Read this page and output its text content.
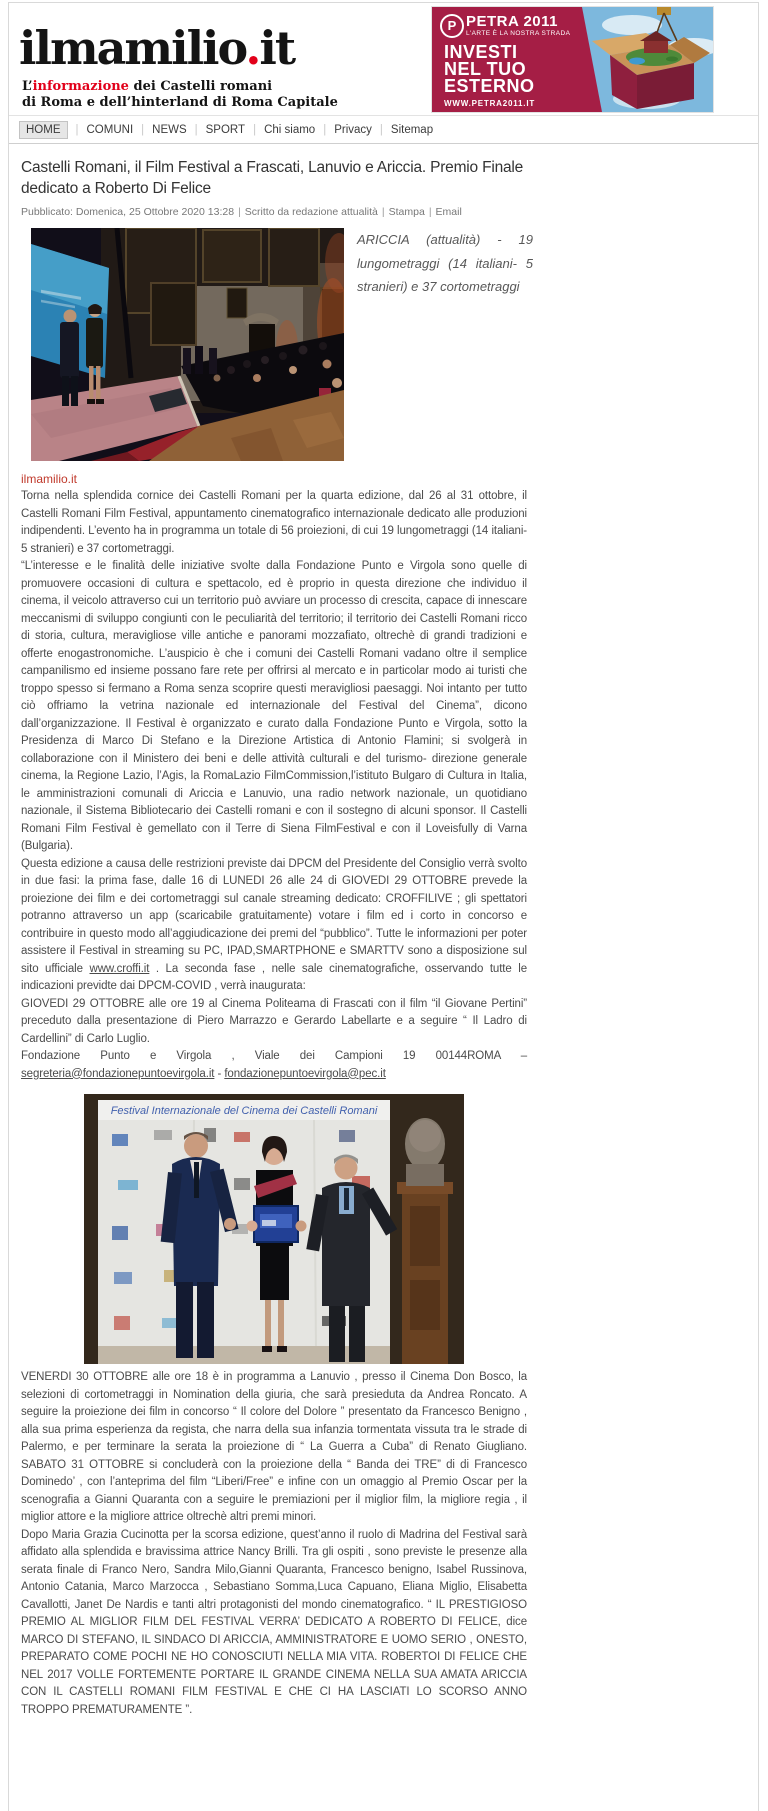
ilmamilio.it
L’informazione dei Castelli romani
di Roma e dell’hinterland di Roma Capitale
P PETRA 2011
L'ARTE È LA NOSTRA STRADA
INVESTI
NEL TUO
ESTERNO
WWW.PETRA2011.IT
HOME	| COMUNI | NEWS | SPORT | Chi siamo | Privacy | Sitemap
Castelli Romani, il Film Festival a Frascati, Lanuvio e Ariccia. Premio Finale dedicato a Roberto Di Felice
Pubblicato: Domenica, 25 Ottobre 2020 13:28 | Scritto da redazione attualità | Stampa | Email

ARICCIA (attualità) - 19 lungometraggi (14 italiani- 5 stranieri) e 37 cortometraggi

ilmamilio.it

Torna nella splendida cornice dei Castelli Romani per la quarta edizione, dal 26 al 31 ottobre, il Castelli Romani Film Festival, appuntamento cinematografico internazionale dedicato alle produzioni indipendenti. L’evento ha in programma un totale di 56 proiezioni, di cui 19 lungometraggi (14 italiani- 5 stranieri) e 37 cortometraggi.

“L’interesse e le finalità delle iniziative svolte dalla Fondazione Punto e Virgola sono quelle di promuovere occasioni di cultura e spettacolo, ed è proprio in questa direzione che individuo il cinema, il veicolo attraverso cui un territorio può avviare un processo di crescita, capace di innescare meccanismi di sviluppo congiunti con le peculiarità del territorio; il territorio dei Castelli Romani ricco di storia, cultura, meravigliose ville antiche e panorami mozzafiato, oltrechè di grandi tradizioni e offerte enogastronomiche. L’auspicio è che i comuni dei Castelli Romani vadano oltre il semplice campanilismo ed insieme possano fare rete per offrirsi al mercato e in particolar modo ai turisti che troppo spesso si fermano a Roma senza scoprire questi meravigliosi paesaggi. Noi intanto per tutto ciò offriamo la vetrina nazionale ed internazionale del Festival del Cinema”, dicono dall’organizzazione. Il Festival è organizzato e curato dalla Fondazione Punto e Virgola, sotto la Presidenza di Marco Di Stefano e la Direzione Artistica di Antonio Flamini; si svolgerà in collaborazione con il Ministero dei beni e delle attività culturali e del turismo- direzione generale cinema, la Regione Lazio, l’Agis, la RomaLazio FilmCommission,l’istituto Bulgaro di Cultura in Italia, le amministrazioni comunali di Ariccia e Lanuvio, una radio network nazionale, un quotidiano nazionale, il Sistema Bibliotecario dei Castelli romani e con il sostegno di alcuni sponsor. Il Castelli Romani Film Festival è gemellato con il Terre di Siena FilmFestival e con il Loveisfully di Varna (Bulgaria).

Questa edizione a causa delle restrizioni previste dai DPCM del Presidente del Consiglio verrà svolto in due fasi: la prima fase, dalle 16 di LUNEDI 26 alle 24 di GIOVEDI 29 OTTOBRE prevede la proiezione dei film e dei cortometraggi sul canale streaming dedicato: CROFFILIVE ; gli spettatori potranno attraverso un app (scaricabile gratuitamente) votare i film ed i corto in concorso e contribuire in questo modo all’aggiudicazione dei premi del “pubblico”. Tutte le informazioni per poter assistere il Festival in streaming su PC, IPAD,SMARTPHONE e SMARTTV sono a disposizione sul sito ufficiale www.croffi.it . La seconda fase , nelle sale cinematografiche, osservando tutte le indicazioni previdte dai DPCM-COVID , verrà inaugurata:

GIOVEDI 29 OTTOBRE alle ore 19 al Cinema Politeama di Frascati con il film “il Giovane Pertini” preceduto dalla presentazione di Piero Marrazzo e Gerardo Labellarte e a seguire “ Il Ladro di Cardellini” di Carlo Luglio.

Fondazione Punto e Virgola , Viale dei Campioni 19 00144ROMA – segreteria@fondazionepuntoevirgola.it - fondazionepuntoevirgola@pec.it

Festival Internazionale del Cinema dei Castelli Romani

VENERDI 30 OTTOBRE alle ore 18 è in programma a Lanuvio , presso il Cinema Don Bosco, la selezioni di cortometraggi in Nomination della giuria, che sarà presieduta da Andrea Roncato. A seguire la proiezione dei film in concorso “ Il colore del Dolore ” presentato da Francesco Benigno , alla sua prima esperienza da regista, che narra della sua infanzia tormentata vissuta tra le strade di Palermo, e per terminare la serata la proiezione di “ La Guerra a Cuba” di Renato Giugliano. SABATO 31 OTTOBRE si concluderà con la proiezione della “ Banda dei TRE” di di Francesco Dominedo’ , con l’anteprima del film “Liberi/Free” e infine con un omaggio al Premio Oscar per la scenografia a Gianni Quaranta con a seguire le premiazioni per il miglior film, la migliore regia , il miglior attore e la migliore attrice oltrechè altri premi minori.

Dopo Maria Grazia Cucinotta per la scorsa edizione, quest’anno il ruolo di Madrina del Festival sarà affidato alla splendida e bravissima attrice Nancy Brilli. Tra gli ospiti , sono previste le presenze alla serata finale di Franco Nero, Sandra Milo,Gianni Quaranta, Francesco benigno, Isabel Russinova, Antonio Catania, Marco Marzocca , Sebastiano Somma,Luca Capuano, Eliana Miglio, Elisabetta Cavallotti, Janet De Nardis e tanti altri protagonisti del mondo cinematografico. “ IL PRESTIGIOSO PREMIO AL MIGLIOR FILM DEL FESTIVAL VERRA’ DEDICATO A ROBERTO DI FELICE, dice MARCO DI STEFANO, IL SINDACO DI ARICCIA, AMMINISTRATORE E UOMO SERIO , ONESTO, PREPARATO COME POCHI NE HO CONOSCIUTI NELLA MIA VITA. ROBERTOI DI FELICE CHE NEL 2017 VOLLE FORTEMENTE PORTARE IL GRANDE CINEMA NELLA SUA AMATA ARICCIA CON IL CASTELLI ROMANI FILM FESTIVAL E CHE CI HA LASCIATI LO SCORSO ANNO TROPPO PREMATURAMENTE ”.
